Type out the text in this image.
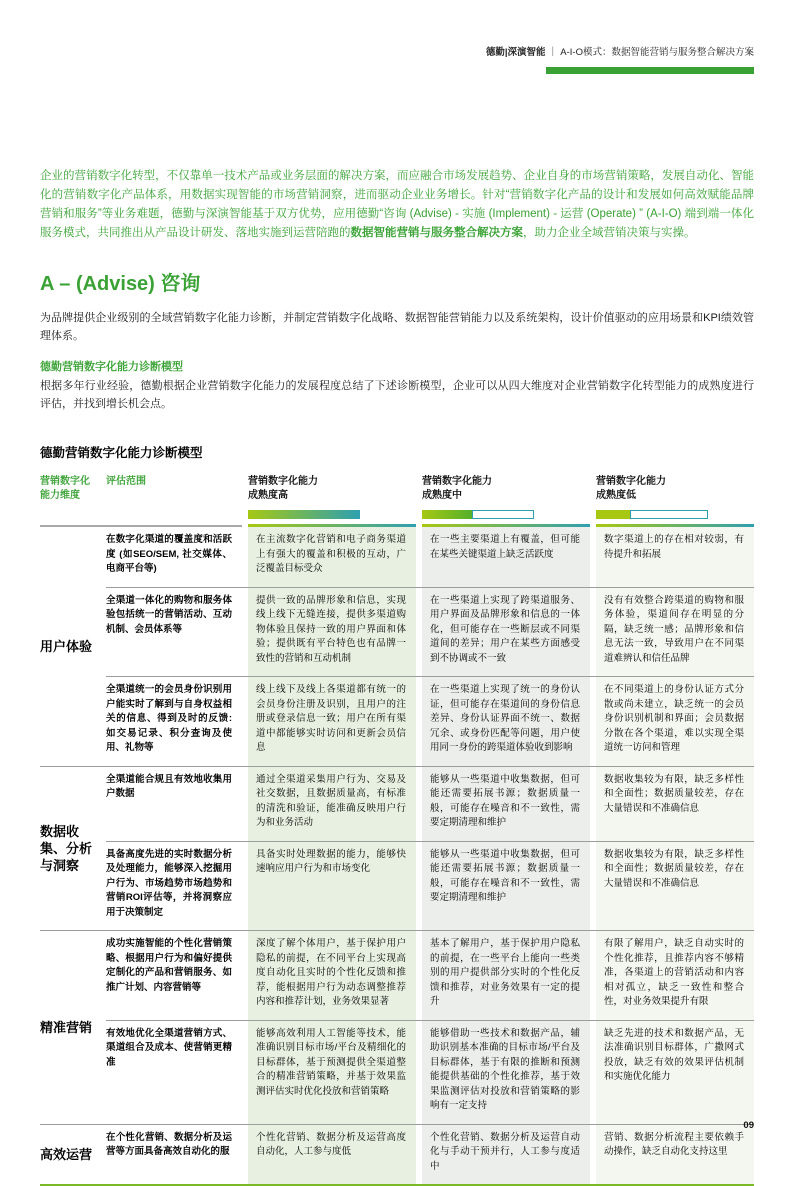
德勤|深演智能 ｜ A-I-O模式：数据智能营销与服务整合解决方案

企业的营销数字化转型，不仅靠单一技术产品或业务层面的解决方案，而应融合市场发展趋势、企业自身的市场营销策略，发展自动化、智能化的营销数字化产品体系，用数据实现智能的市场营销洞察，进而驱动企业业务增长。针对“营销数字化产品的设计和发展如何高效赋能品牌营销和服务”等业务难题，德勤与深演智能基于双方优势，应用德勤“咨询 (Advise) - 实施 (Implement) - 运营 (Operate) ” (A-I-O) 端到端一体化服务模式，共同推出从产品设计研发、落地实施到运营陪跑的数据智能营销与服务整合解决方案，助力企业全域营销决策与实操。

A – (Advise) 咨询

为品牌提供企业级别的全域营销数字化能力诊断，并制定营销数字化战略、数据智能营销能力以及系统架构，设计价值驱动的应用场景和KPI绩效管理体系。

德勤营销数字化能力诊断模型

根据多年行业经验，德勤根据企业营销数字化能力的发展程度总结了下述诊断模型，企业可以从四大维度对企业营销数字化转型能力的成熟度进行评估，并找到增长机会点。

德勤营销数字化能力诊断模型
营销数字化
能力维度
评估范围	营销数字化能力
成熟度高
营销数字化能力
成熟度中
营销数字化能力
成熟度低
用户体验
在数字化渠道的覆盖度和活跃度 (如SEO/SEM, 社交媒体、电商平台等)
在主流数字化营销和电子商务渠道上有强大的覆盖和积极的互动，广泛覆盖目标受众
在一些主要渠道上有覆盖，但可能在某些关键渠道上缺乏活跃度
数字渠道上的存在相对较弱，有待提升和拓展
全渠道一体化的购物和服务体验包括统一的营销活动、互动机制、会员体系等
提供一致的品牌形象和信息，实现线上线下无缝连接，提供多渠道购物体验且保持一致的用户界面和体验；提供既有平台特色也有品牌一致性的营销和互动机制
在一些渠道上实现了跨渠道服务、用户界面及品牌形象和信息的一体化，但可能存在一些断层或不同渠道间的差异；用户在某些方面感受到不协调或不一致
没有有效整合跨渠道的购物和服务体验，渠道间存在明显的分隔，缺乏统一感；品牌形象和信息无法一致，导致用户在不同渠道难辨认和信任品牌
全渠道统一的会员身份识别用户能实时了解到与自身权益相关的信息、得到及时的反馈: 如交易记录、积分查询及使用、礼物等
线上线下及线上各渠道都有统一的会员身份注册及识别，且用户的注册或登录信息一致；用户在所有渠道中都能够实时访问和更新会员信息
在一些渠道上实现了统一的身份认证，但可能存在渠道间的身份信息差异、身份认证界面不统一、数据冗余、或身份匹配等问题，用户使用同一身份的跨渠道体验收到影响
在不同渠道上的身份认证方式分散或尚未建立，缺乏统一的会员身份识别机制和界面；会员数据分散在各个渠道，难以实现全渠道统一访问和管理
数据收集、分析与洞察
全渠道能合规且有效地收集用户数据
通过全渠道采集用户行为、交易及社交数据，且数据质量高，有标准的清洗和验证，能准确反映用户行为和业务活动
能够从一些渠道中收集数据，但可能还需要拓展书源；数据质量一般，可能存在噪音和不一致性，需要定期清理和维护
数据收集较为有限，缺乏多样性和全面性；数据质量较差，存在大量错误和不准确信息
具备高度先进的实时数据分析及处理能力，能够深入挖掘用户行为、市场趋势市场趋势和营销ROI评估等，并将洞察应用于决策制定
具备实时处理数据的能力，能够快速响应用户行为和市场变化
能够从一些渠道中收集数据，但可能还需要拓展书源；数据质量一般，可能存在噪音和不一致性，需要定期清理和维护
数据收集较为有限，缺乏多样性和全面性；数据质量较差，存在大量错误和不准确信息
精准营销
成功实施智能的个性化营销策略、根据用户行为和偏好提供定制化的产品和营销服务、如推广计划、内容营销等
深度了解个体用户，基于保护用户隐私的前提，在不同平台上实现高度自动化且实时的个性化反馈和推荐，能根据用户行为动态调整推荐内容和推荐计划，业务效果显著
基本了解用户，基于保护用户隐私的前提，在一些平台上能向一些类别的用户提供部分实时的个性化反馈和推荐，对业务效果有一定的提升
有限了解用户，缺乏自动实时的个性化推荐，且推荐内容不够精准，各渠道上的营销活动和内容相对孤立，缺乏一致性和整合性，对业务效果提升有限
有效地优化全渠道营销方式、渠道组合及成本、使营销更精准
能够高效利用人工智能等技术，能准确识别目标市场/平台及精细化的目标群体，基于预测提供全渠道整合的精准营销策略，并基于效果监测评估实时优化投放和营销策略
能够借助一些技术和数据产品，辅助识别基本准确的目标市场/平台及目标群体，基于有限的推断和预测能提供基础的个性化推荐，基于效果监测评估对投放和营销策略的影响有一定支持
缺乏先进的技术和数据产品，无法准确识别目标群体，广撒网式投放，缺乏有效的效果评估机制和实施优化能力
高效运营
在个性化营销、数据分析及运营等方面具备高效自动化的服
个性化营销、数据分析及运营高度自动化，人工参与度低
个性化营销、数据分析及运营自动化与手动干预并行，人工参与度适中
营销、数据分析流程主要依赖手动操作，缺乏自动化支持这里
09
